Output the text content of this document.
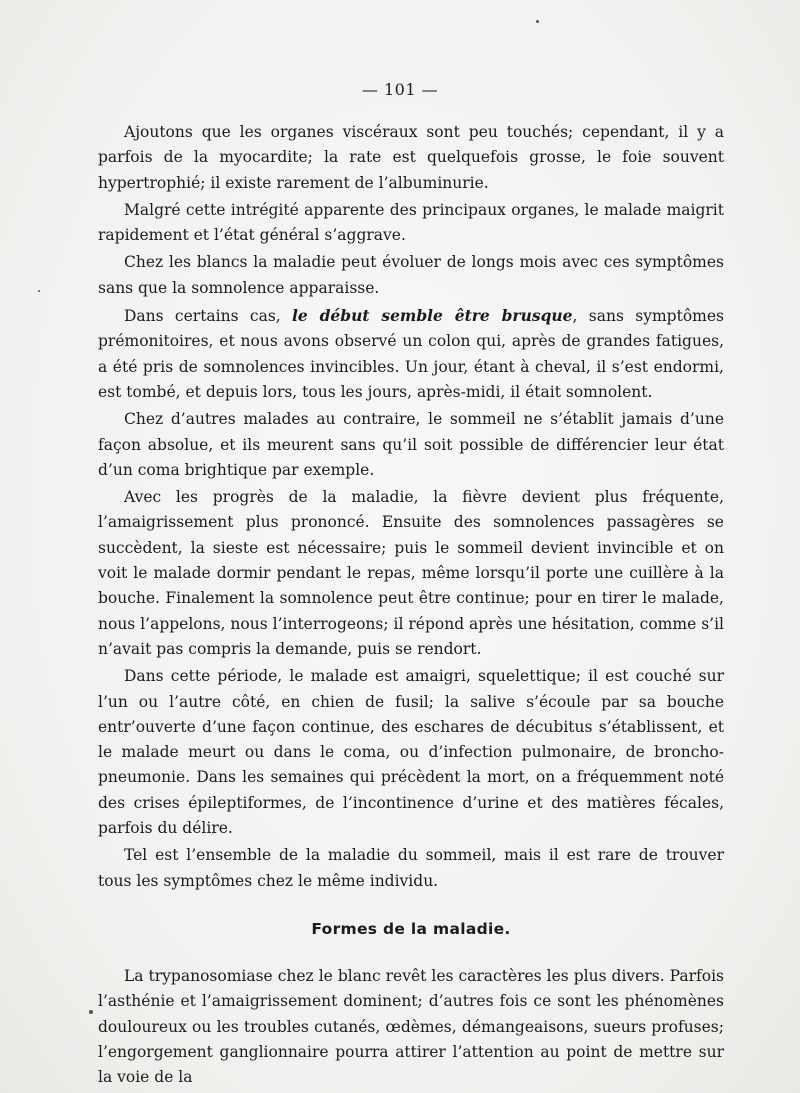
— 101 —

Ajoutons que les organes viscéraux sont peu touchés; cependant, il y a parfois de la myocardite; la rate est quelquefois grosse, le foie souvent hypertrophié; il existe rarement de l’albuminurie.

Malgré cette intrégité apparente des principaux organes, le malade maigrit rapidement et l’état général s’aggrave.

Chez les blancs la maladie peut évoluer de longs mois avec ces symptômes sans que la somnolence apparaisse.

Dans certains cas, le début semble être brusque, sans symptômes prémonitoires, et nous avons observé un colon qui, après de grandes fatigues, a été pris de somnolences invincibles. Un jour, étant à cheval, il s’est endormi, est tombé, et depuis lors, tous les jours, après-midi, il était somnolent.

Chez d’autres malades au contraire, le sommeil ne s’établit jamais d’une façon absolue, et ils meurent sans qu’il soit possible de différencier leur état d’un coma brightique par exemple.

Avec les progrès de la maladie, la fièvre devient plus fréquente, l’amaigrissement plus prononcé. Ensuite des somnolences passagères se succèdent, la sieste est nécessaire; puis le sommeil devient invincible et on voit le malade dormir pendant le repas, même lorsqu’il porte une cuillère à la bouche. Finalement la somnolence peut être continue; pour en tirer le malade, nous l’appelons, nous l’interrogeons; il répond après une hésitation, comme s’il n’avait pas compris la demande, puis se rendort.

Dans cette période, le malade est amaigri, squelettique; il est couché sur l’un ou l’autre côté, en chien de fusil; la salive s’écoule par sa bouche entr’ouverte d’une façon continue, des eschares de décubitus s’établissent, et le malade meurt ou dans le coma, ou d’infection pulmonaire, de broncho-pneumonie. Dans les semaines qui précèdent la mort, on a fréquemment noté des crises épileptiformes, de l’incontinence d’urine et des matières fécales, parfois du délire.

Tel est l’ensemble de la maladie du sommeil, mais il est rare de trouver tous les symptômes chez le même individu.

Formes de la maladie.

La trypanosomiase chez le blanc revêt les caractères les plus divers. Parfois l’asthénie et l’amaigrissement dominent; d’autres fois ce sont les phénomènes douloureux ou les troubles cutanés, œdèmes, démangeaisons, sueurs profuses; l’engorgement ganglionnaire pourra attirer l’attention au point de mettre sur la voie de la
